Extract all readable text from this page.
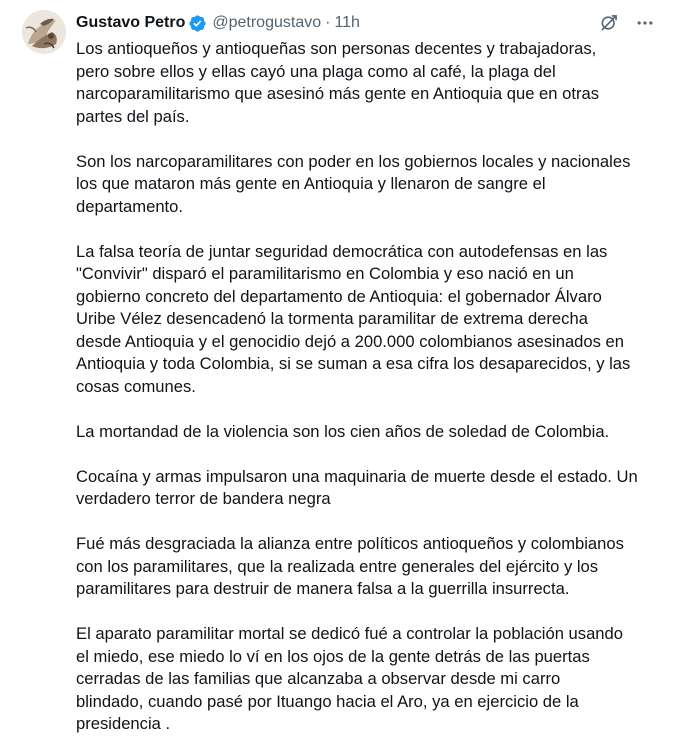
Gustavo Petro @petrogustavo · 11h

Los antioqueños y antioqueñas son personas decentes y trabajadoras,
pero sobre ellos y ellas cayó una plaga como al café, la plaga del
narcoparamilitarismo que asesinó más gente en Antioquia que en otras
partes del país.

Son los narcoparamilitares con poder en los gobiernos locales y nacionales
los que mataron más gente en Antioquia y llenaron de sangre el
departamento.

La falsa teoría de juntar seguridad democrática con autodefensas en las
"Convivir" disparó el paramilitarismo en Colombia y eso nació en un
gobierno concreto del departamento de Antioquia: el gobernador Álvaro
Uribe Vélez desencadenó la tormenta paramilitar de extrema derecha
desde Antioquia y el genocidio dejó a 200.000 colombianos asesinados en
Antioquia y toda Colombia, si se suman a esa cifra los desaparecidos, y las
cosas comunes.

La mortandad de la violencia son los cien años de soledad de Colombia.

Cocaína y armas impulsaron una maquinaria de muerte desde el estado. Un
verdadero terror de bandera negra

Fué más desgraciada la alianza entre políticos antioqueños y colombianos
con los paramilitares, que la realizada entre generales del ejército y los
paramilitares para destruir de manera falsa a la guerrilla insurrecta.

El aparato paramilitar mortal se dedicó fué a controlar la población usando
el miedo, ese miedo lo ví en los ojos de la gente detrás de las puertas
cerradas de las familias que alcanzaba a observar desde mi carro
blindado, cuando pasé por Ituango hacia el Aro, ya en ejercicio de la
presidencia .
